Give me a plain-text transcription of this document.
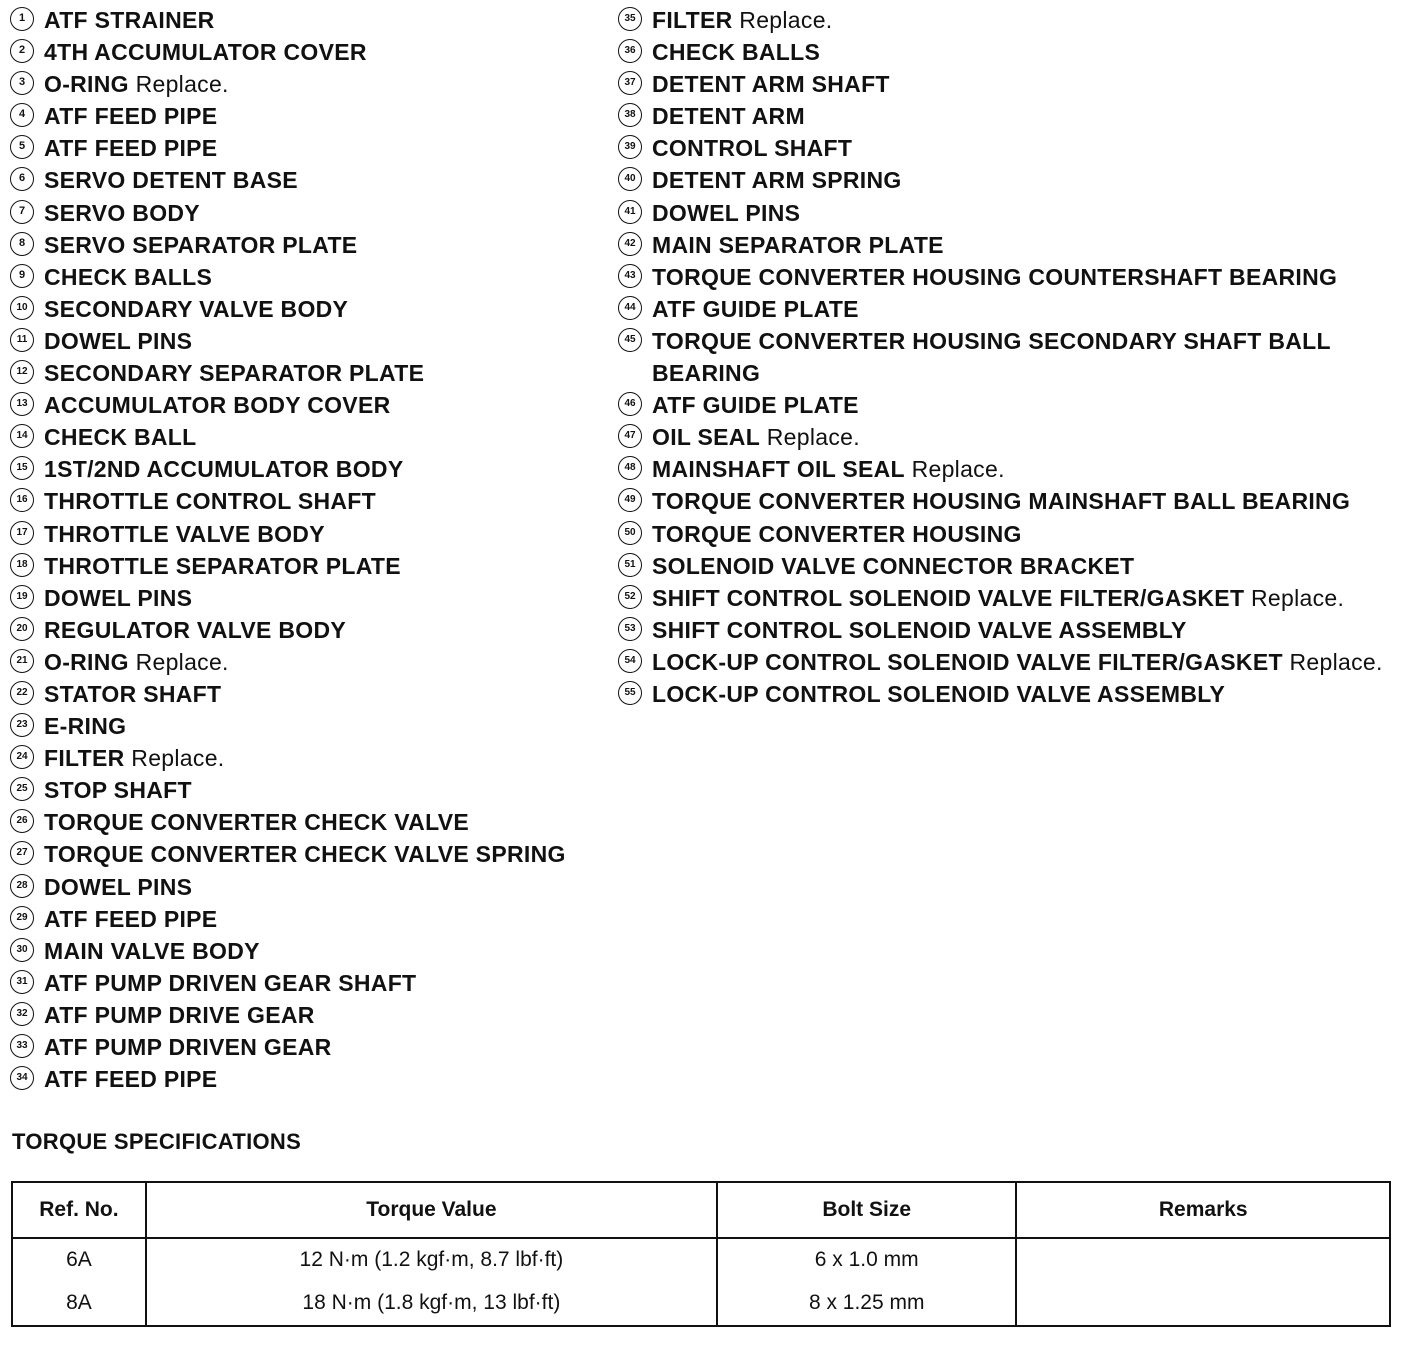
1 ATF STRAINER
2 4TH ACCUMULATOR COVER
3 O-RING Replace.
4 ATF FEED PIPE
5 ATF FEED PIPE
6 SERVO DETENT BASE
7 SERVO BODY
8 SERVO SEPARATOR PLATE
9 CHECK BALLS
10 SECONDARY VALVE BODY
11 DOWEL PINS
12 SECONDARY SEPARATOR PLATE
13 ACCUMULATOR BODY COVER
14 CHECK BALL
15 1ST/2ND ACCUMULATOR BODY
16 THROTTLE CONTROL SHAFT
17 THROTTLE VALVE BODY
18 THROTTLE SEPARATOR PLATE
19 DOWEL PINS
20 REGULATOR VALVE BODY
21 O-RING Replace.
22 STATOR SHAFT
23 E-RING
24 FILTER Replace.
25 STOP SHAFT
26 TORQUE CONVERTER CHECK VALVE
27 TORQUE CONVERTER CHECK VALVE SPRING
28 DOWEL PINS
29 ATF FEED PIPE
30 MAIN VALVE BODY
31 ATF PUMP DRIVEN GEAR SHAFT
32 ATF PUMP DRIVE GEAR
33 ATF PUMP DRIVEN GEAR
34 ATF FEED PIPE
35 FILTER Replace.
36 CHECK BALLS
37 DETENT ARM SHAFT
38 DETENT ARM
39 CONTROL SHAFT
40 DETENT ARM SPRING
41 DOWEL PINS
42 MAIN SEPARATOR PLATE
43 TORQUE CONVERTER HOUSING COUNTERSHAFT BEARING
44 ATF GUIDE PLATE
45 TORQUE CONVERTER HOUSING SECONDARY SHAFT BALL BEARING
46 ATF GUIDE PLATE
47 OIL SEAL Replace.
48 MAINSHAFT OIL SEAL Replace.
49 TORQUE CONVERTER HOUSING MAINSHAFT BALL BEARING
50 TORQUE CONVERTER HOUSING
51 SOLENOID VALVE CONNECTOR BRACKET
52 SHIFT CONTROL SOLENOID VALVE FILTER/GASKET Replace.
53 SHIFT CONTROL SOLENOID VALVE ASSEMBLY
54 LOCK-UP CONTROL SOLENOID VALVE FILTER/GASKET Replace.
55 LOCK-UP CONTROL SOLENOID VALVE ASSEMBLY
TORQUE SPECIFICATIONS
Ref. No.	Torque Value	Bolt Size	Remarks
6A	12 N·m (1.2 kgf·m, 8.7 lbf·ft)	6 x 1.0 mm	
8A	18 N·m (1.8 kgf·m, 13 lbf·ft)	8 x 1.25 mm	
